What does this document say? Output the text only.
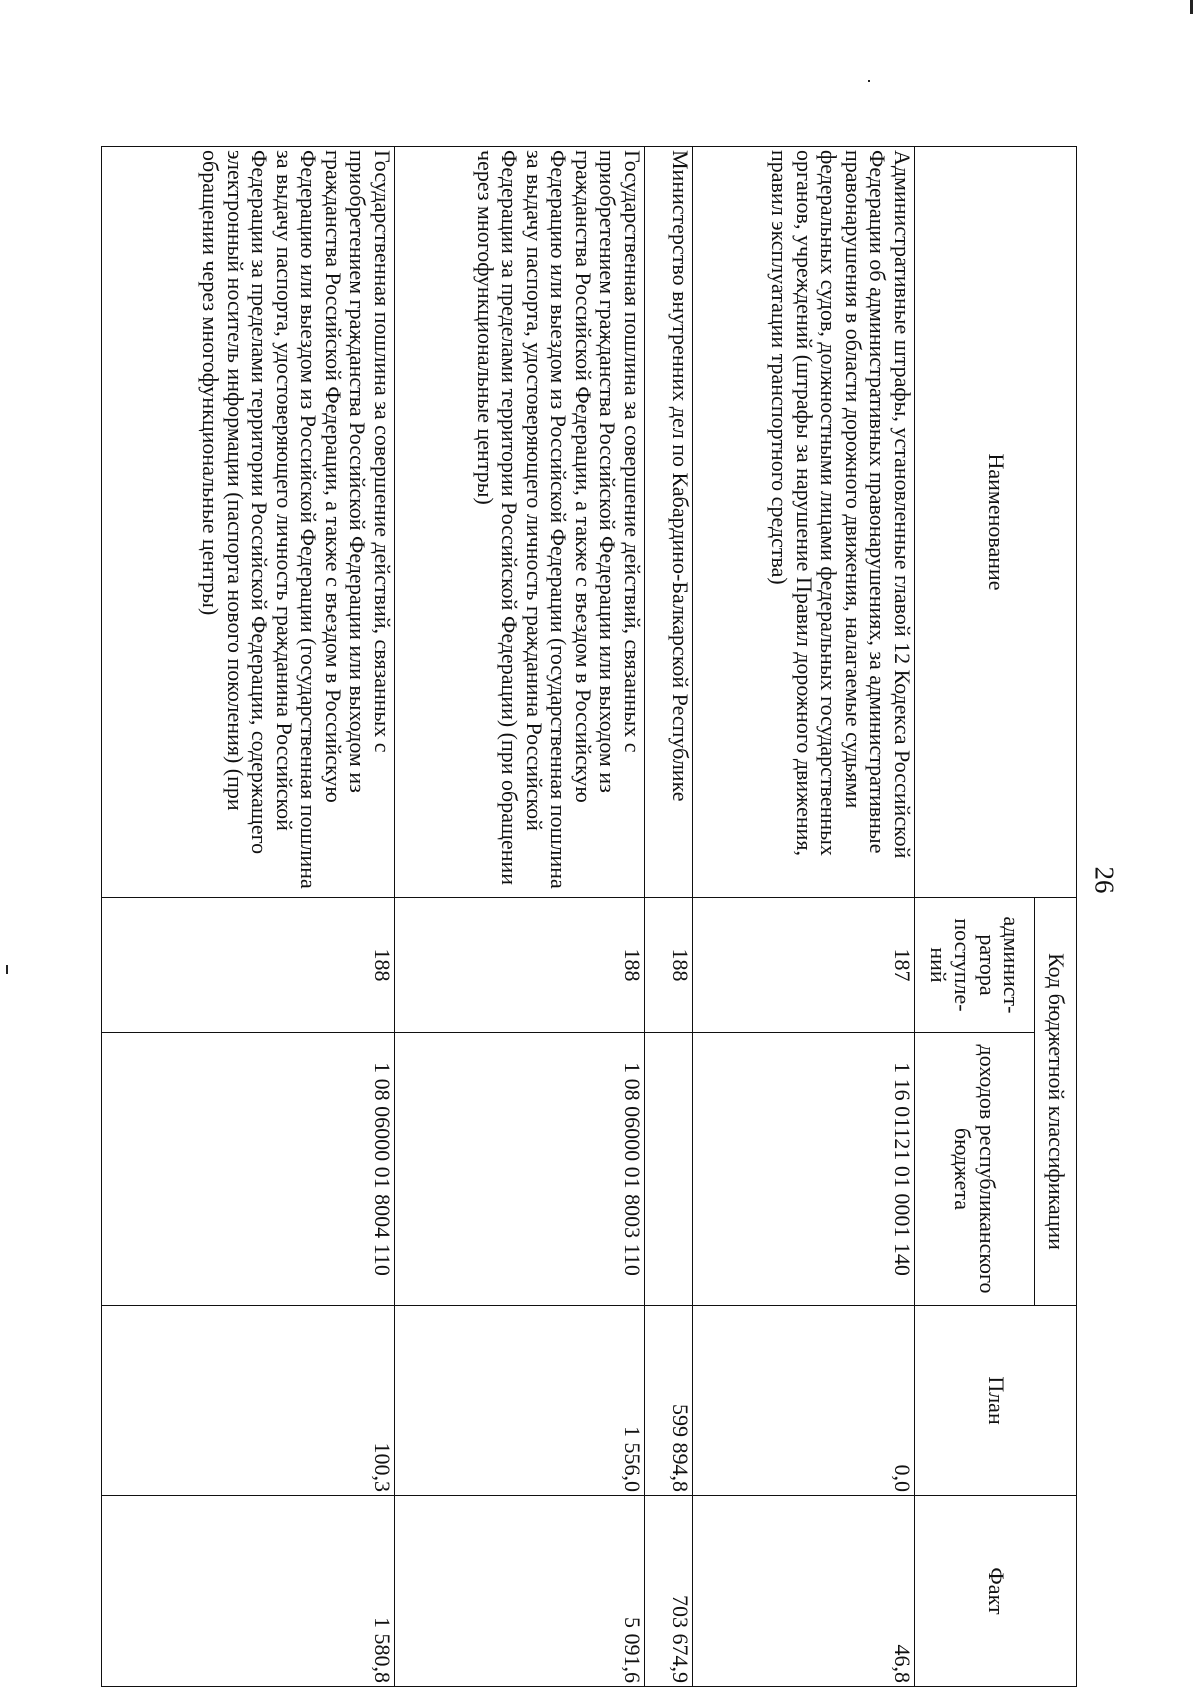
26
Наименование	Код бюджетной классификации		План	Факт
	админист-ратора поступле-ний	доходов республиканского бюджета		
Административные штрафы, установленные главой 12 Кодекса Российской Федерации об административных правонарушениях, за административные правонарушения в области дорожного движения, налагаемые судьями федеральных судов, должностными лицами федеральных государственных органов, учреждений (штрафы за нарушение Правил дорожного движения, правил эксплуатации транспортного средства)	187	1 16 01121 01 0001 140	0,0	46,8
Министерство внутренних дел по Кабардино-Балкарской Республике	188		599 894,8	703 674,9
Государственная пошлина за совершение действий, связанных с приобретением гражданства Российской Федерации или выходом из гражданства Российской Федерации, а также с въездом в Российскую Федерацию или выездом из Российской Федерации (государственная пошлина за выдачу паспорта, удостоверяющего личность гражданина Российской Федерации за пределами территории Российской Федерации) (при обращении через многофункциональные центры)	188	1 08 06000 01 8003 110	1 556,0	5 091,6
Государственная пошлина за совершение действий, связанных с приобретением гражданства Российской Федерации или выходом из гражданства Российской Федерации, а также с въездом в Российскую Федерацию или выездом из Российской Федерации (государственная пошлина за выдачу паспорта, удостоверяющего личность гражданина Российской Федерации за пределами территории Российской Федерации, содержащего электронный носитель информации (паспорта нового поколения) (при обращении через многофункциональные центры)	188	1 08 06000 01 8004 110	100,3	1 580,8
